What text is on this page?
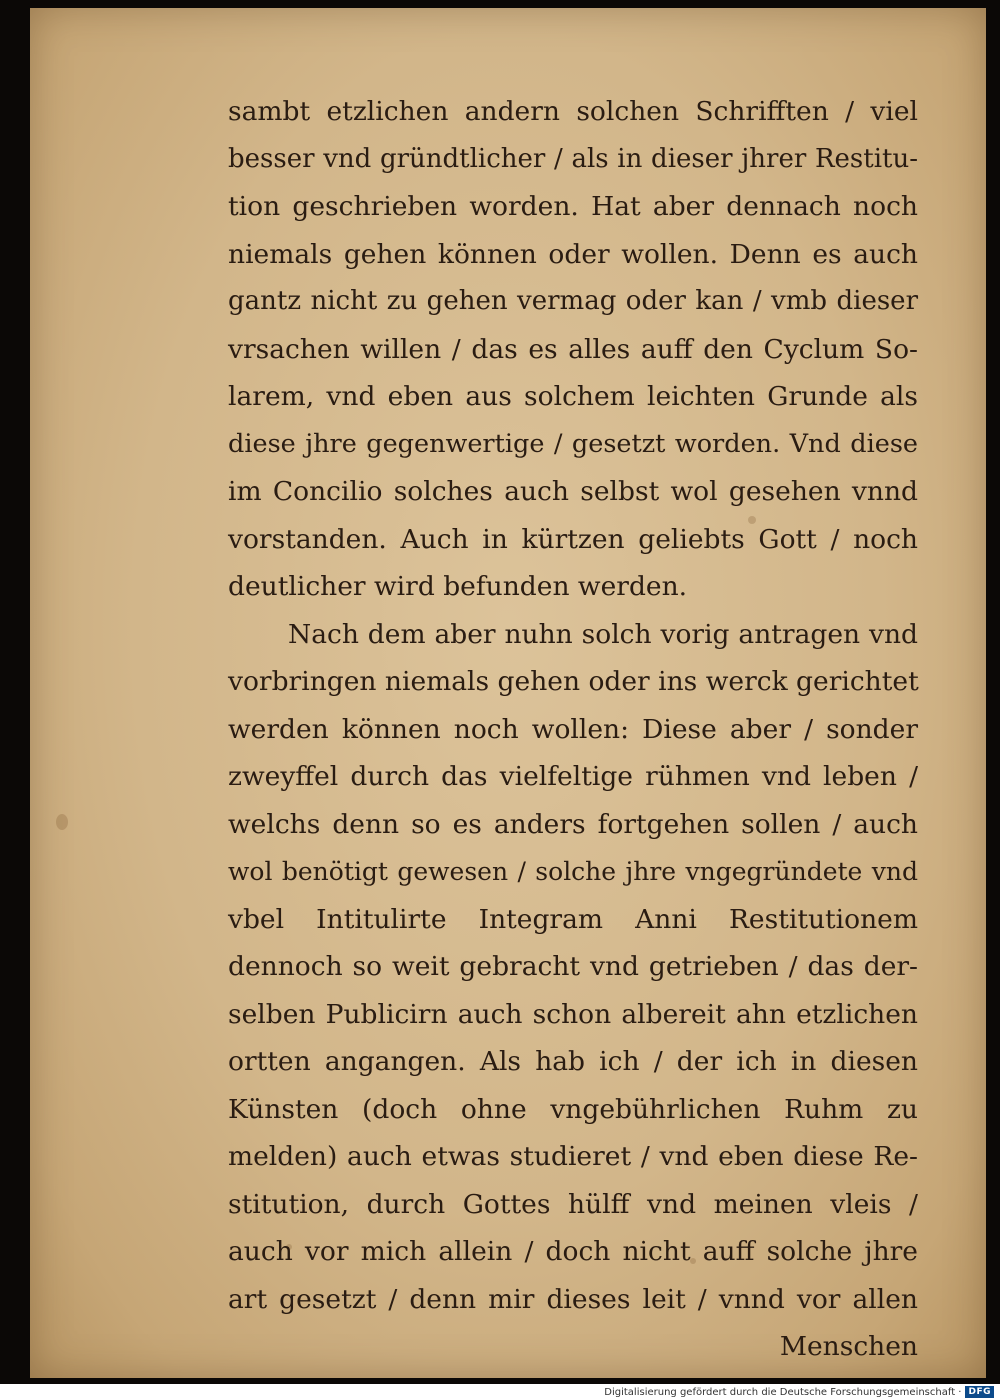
sambt etzlichen andern solchen Schrifften / viel
besser vnd gründtlicher / als in dieser jhrer Restitu-
tion geschrieben worden. Hat aber dennach noch
niemals gehen können oder wollen. Denn es auch
gantz nicht zu gehen vermag oder kan / vmb dieser
vrsachen willen / das es alles auff den Cyclum So-
larem, vnd eben aus solchem leichten Grunde als
diese jhre gegenwertige / gesetzt worden. Vnd diese
im Concilio solches auch selbst wol gesehen vnnd
vorstanden. Auch in kürtzen geliebts Gott / noch
deutlicher wird befunden werden.
Nach dem aber nuhn solch vorig antragen vnd
vorbringen niemals gehen oder ins werck gerichtet
werden können noch wollen: Diese aber / sonder
zweyffel durch das vielfeltige rühmen vnd leben /
welchs denn so es anders fortgehen sollen / auch
wol benötigt gewesen / solche jhre vngegründete vnd
vbel Intitulirte Integram Anni Restitutionem
dennoch so weit gebracht vnd getrieben / das der-
selben Publicirn auch schon albereit ahn etzlichen
ortten angangen. Als hab ich / der ich in diesen
Künsten (doch ohne vngebührlichen Ruhm zu
melden) auch etwas studieret / vnd eben diese Re-
stitution, durch Gottes hülff vnd meinen vleis /
auch vor mich allein / doch nicht auff solche jhre
art gesetzt / denn mir dieses leit / vnnd vor allen
Menschen
Digitalisierung gefördert durch die Deutsche Forschungsgemeinschaft · DFG
